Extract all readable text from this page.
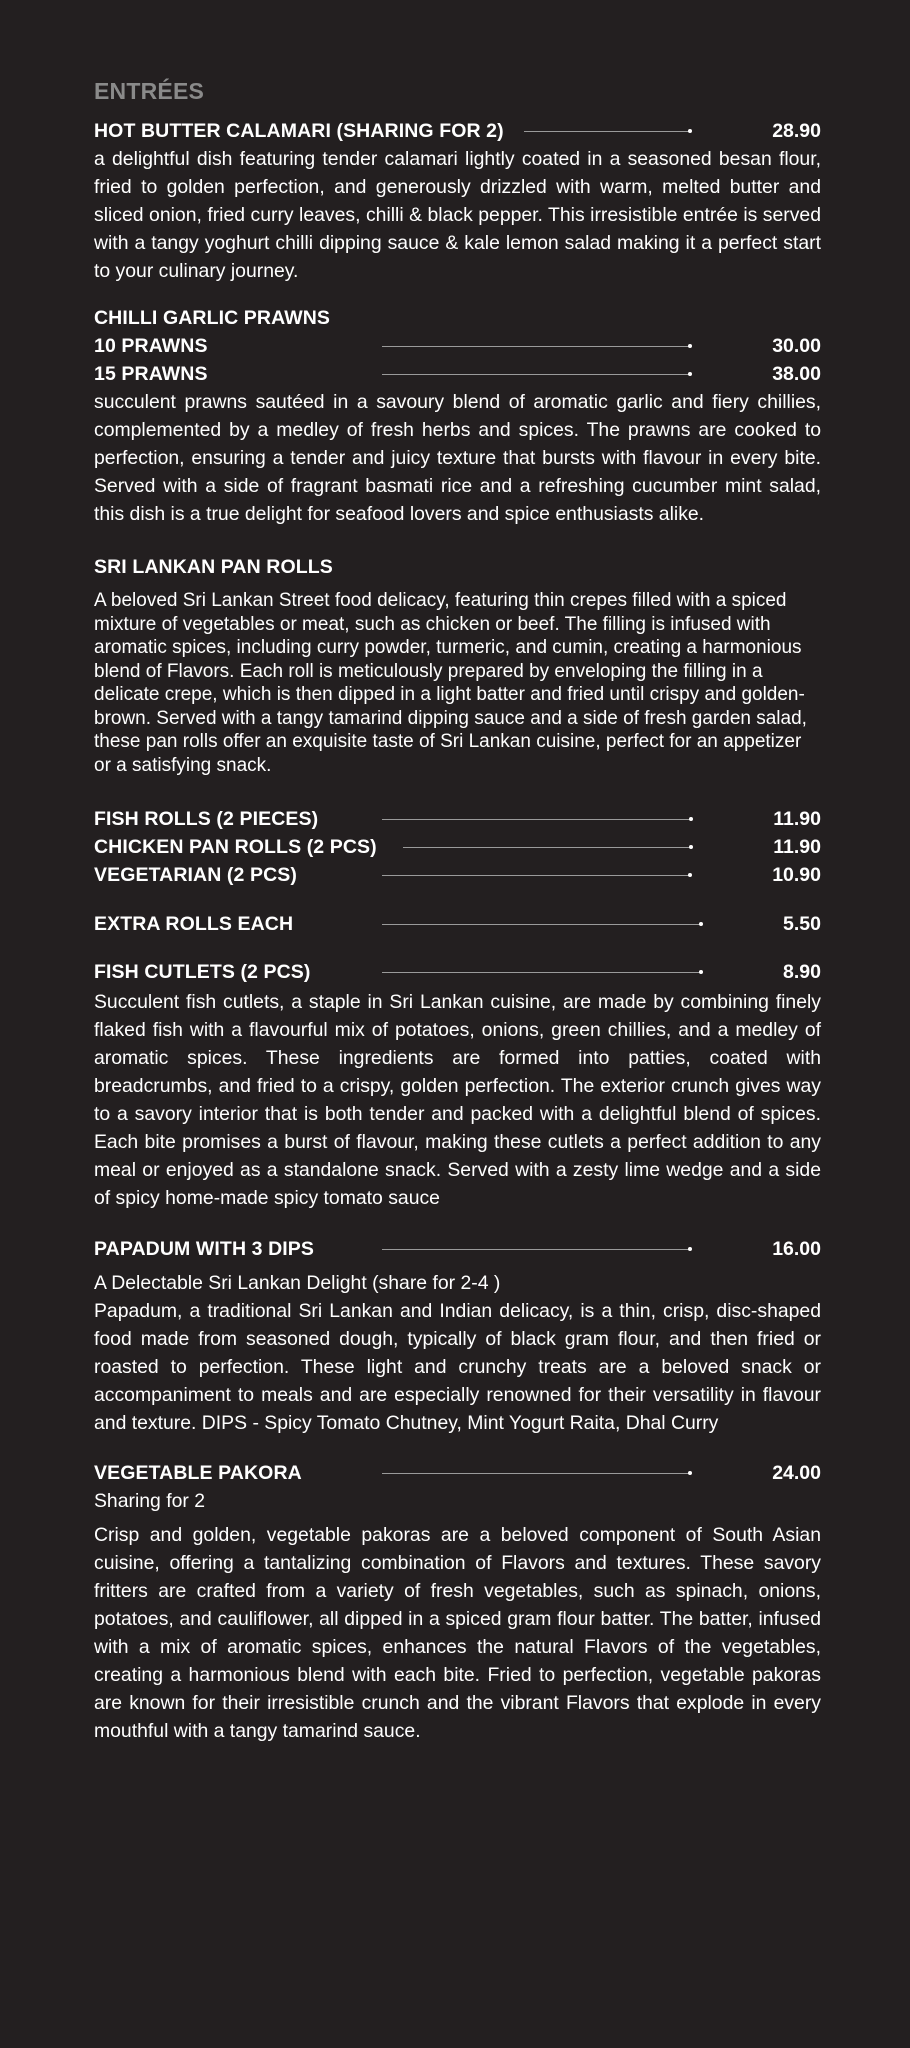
ENTRÉES
HOT BUTTER CALAMARI (SHARING FOR 2)	28.90

a delightful dish featuring tender calamari lightly coated in a seasoned besan flour, fried to golden perfection, and generously drizzled with warm, melted butter and sliced onion, fried curry leaves, chilli & black pepper. This irresistible entrée is served with a tangy yoghurt chilli dipping sauce & kale lemon salad making it a perfect start to your culinary journey.

CHILLI GARLIC PRAWNS
10 PRAWNS	30.00
15 PRAWNS	38.00

succulent prawns sautéed in a savoury blend of aromatic garlic and fiery chillies, complemented by a medley of fresh herbs and spices. The prawns are cooked to perfection, ensuring a tender and juicy texture that bursts with flavour in every bite. Served with a side of fragrant basmati rice and a refreshing cucumber mint salad, this dish is a true delight for seafood lovers and spice enthusiasts alike.

SRI LANKAN PAN ROLLS

A beloved Sri Lankan Street food delicacy, featuring thin crepes filled with a spiced mixture of vegetables or meat, such as chicken or beef. The filling is infused with aromatic spices, including curry powder, turmeric, and cumin, creating a harmonious blend of Flavors. Each roll is meticulously prepared by enveloping the filling in a delicate crepe, which is then dipped in a light batter and fried until crispy and golden-brown. Served with a tangy tamarind dipping sauce and a side of fresh garden salad, these pan rolls offer an exquisite taste of Sri Lankan cuisine, perfect for an appetizer or a satisfying snack.

FISH ROLLS (2 PIECES)	11.90
CHICKEN PAN ROLLS (2 PCS)	11.90
VEGETARIAN (2 PCS)	10.90
EXTRA ROLLS EACH	5.50
FISH CUTLETS (2 PCS)	8.90

Succulent fish cutlets, a staple in Sri Lankan cuisine, are made by combining finely flaked fish with a flavourful mix of potatoes, onions, green chillies, and a medley of aromatic spices. These ingredients are formed into patties, coated with breadcrumbs, and fried to a crispy, golden perfection. The exterior crunch gives way to a savory interior that is both tender and packed with a delightful blend of spices. Each bite promises a burst of flavour, making these cutlets a perfect addition to any meal or enjoyed as a standalone snack. Served with a zesty lime wedge and a side of spicy home-made spicy tomato sauce

PAPADUM WITH 3 DIPS	16.00
A Delectable Sri Lankan Delight (share for 2-4 )

Papadum, a traditional Sri Lankan and Indian delicacy, is a thin, crisp, disc-shaped food made from seasoned dough, typically of black gram flour, and then fried or roasted to perfection. These light and crunchy treats are a beloved snack or accompaniment to meals and are especially renowned for their versatility in flavour and texture. DIPS - Spicy Tomato Chutney, Mint Yogurt Raita, Dhal Curry

VEGETABLE PAKORA	24.00
Sharing for 2

Crisp and golden, vegetable pakoras are a beloved component of South Asian cuisine, offering a tantalizing combination of Flavors and textures. These savory fritters are crafted from a variety of fresh vegetables, such as spinach, onions, potatoes, and cauliflower, all dipped in a spiced gram flour batter. The batter, infused with a mix of aromatic spices, enhances the natural Flavors of the vegetables, creating a harmonious blend with each bite. Fried to perfection, vegetable pakoras are known for their irresistible crunch and the vibrant Flavors that explode in every mouthful with a tangy tamarind sauce.
